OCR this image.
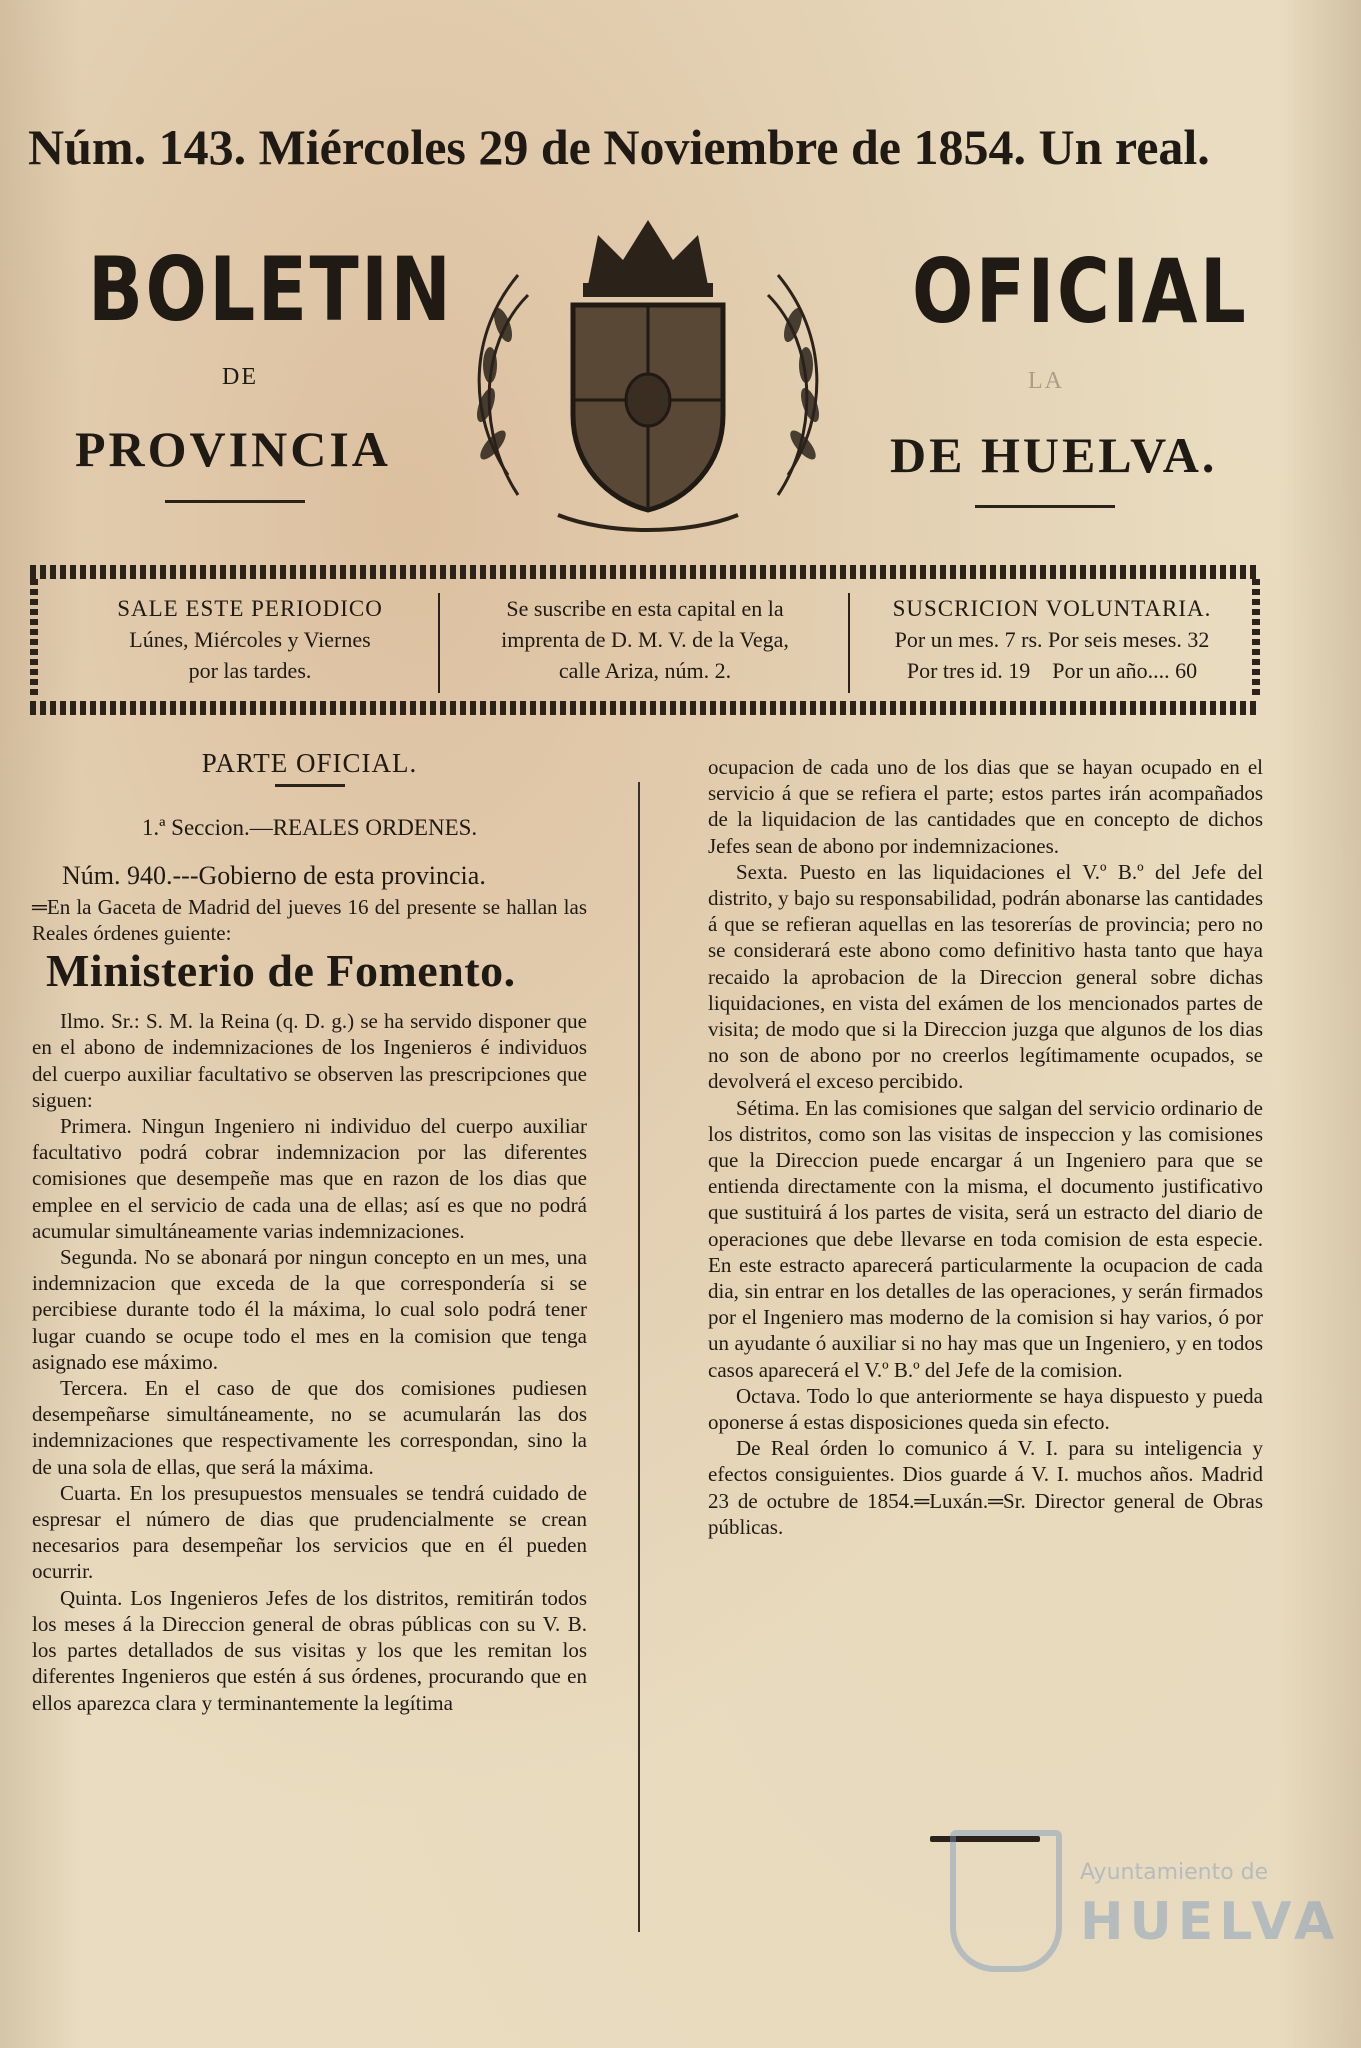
Núm. 143. Miércoles 29 de Noviembre de 1854. Un real.
BOLETIN
DE
PROVINCIA
OFICIAL
LA
DE HUELVA.
SALE ESTE PERIODICO
Lúnes, Miércoles y Viernes
por las tardes.
Se suscribe en esta capital en la
imprenta de D. M. V. de la Vega,
calle Ariza, núm. 2.
SUSCRICION VOLUNTARIA.
Por un mes. 7 rs. Por seis meses. 32
Por tres id. 19    Por un año.... 60
PARTE OFICIAL.
1.ª Seccion.—REALES ORDENES.
Núm. 940.---Gobierno de esta provincia.

═En la Gaceta de Madrid del jueves 16 del presente se hallan las Reales órdenes guiente:

Ministerio de Fomento.

Ilmo. Sr.: S. M. la Reina (q. D. g.) se ha servido disponer que en el abono de indemnizaciones de los Ingenieros é individuos del cuerpo auxiliar facultativo se observen las prescripciones que siguen:

Primera. Ningun Ingeniero ni individuo del cuerpo auxiliar facultativo podrá cobrar indemnizacion por las diferentes comisiones que desempeñe mas que en razon de los dias que emplee en el servicio de cada una de ellas; así es que no podrá acumular simultáneamente varias indemnizaciones.

Segunda. No se abonará por ningun concepto en un mes, una indemnizacion que exceda de la que correspondería si se percibiese durante todo él la máxima, lo cual solo podrá tener lugar cuando se ocupe todo el mes en la comision que tenga asignado ese máximo.

Tercera. En el caso de que dos comisiones pudiesen desempeñarse simultáneamente, no se acumularán las dos indemnizaciones que respectivamente les correspondan, sino la de una sola de ellas, que será la máxima.

Cuarta. En los presupuestos mensuales se tendrá cuidado de espresar el número de dias que prudencialmente se crean necesarios para desempeñar los servicios que en él pueden ocurrir.

Quinta. Los Ingenieros Jefes de los distritos, remitirán todos los meses á la Direccion general de obras públicas con su V. B. los partes detallados de sus visitas y los que les remitan los diferentes Ingenieros que estén á sus órdenes, procurando que en ellos aparezca clara y terminantemente la legítima

ocupacion de cada uno de los dias que se hayan ocupado en el servicio á que se refiera el parte; estos partes irán acompañados de la liquidacion de las cantidades que en concepto de dichos Jefes sean de abono por indemnizaciones.

Sexta. Puesto en las liquidaciones el V.º B.º del Jefe del distrito, y bajo su responsabilidad, podrán abonarse las cantidades á que se refieran aquellas en las tesorerías de provincia; pero no se considerará este abono como definitivo hasta tanto que haya recaido la aprobacion de la Direccion general sobre dichas liquidaciones, en vista del exámen de los mencionados partes de visita; de modo que si la Direccion juzga que algunos de los dias no son de abono por no creerlos legítimamente ocupados, se devolverá el exceso percibido.

Sétima. En las comisiones que salgan del servicio ordinario de los distritos, como son las visitas de inspeccion y las comisiones que la Direccion puede encargar á un Ingeniero para que se entienda directamente con la misma, el documento justificativo que sustituirá á los partes de visita, será un estracto del diario de operaciones que debe llevarse en toda comision de esta especie. En este estracto aparecerá particularmente la ocupacion de cada dia, sin entrar en los detalles de las operaciones, y serán firmados por el Ingeniero mas moderno de la comision si hay varios, ó por un ayudante ó auxiliar si no hay mas que un Ingeniero, y en todos casos aparecerá el V.º B.º del Jefe de la comision.

Octava. Todo lo que anteriormente se haya dispuesto y pueda oponerse á estas disposiciones queda sin efecto.

De Real órden lo comunico á V. I. para su inteligencia y efectos consiguientes. Dios guarde á V. I. muchos años. Madrid 23 de octubre de 1854.═Luxán.═Sr. Director general de Obras públicas.

Ayuntamiento de
HUELVA
